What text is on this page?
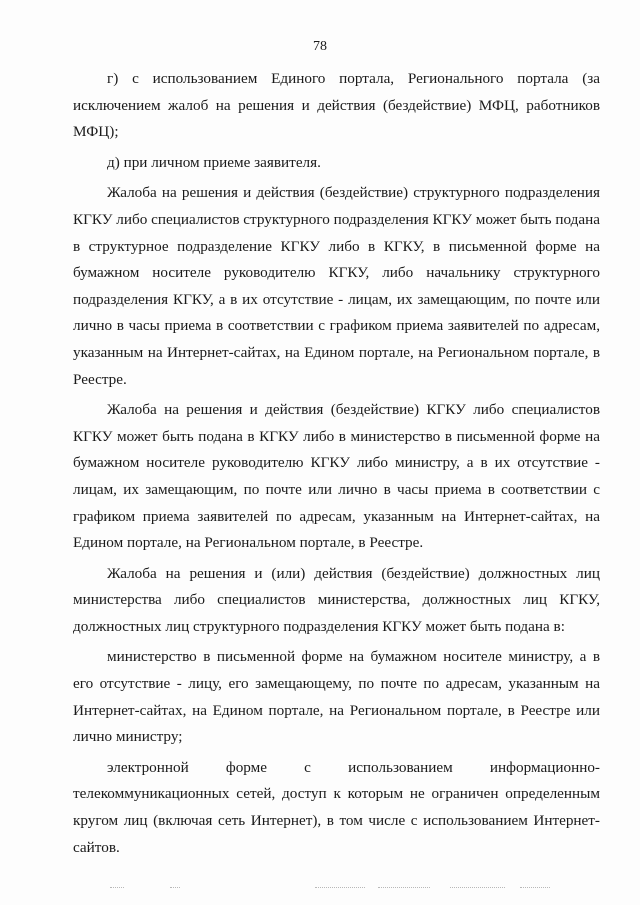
78

г) с использованием Единого портала, Регионального портала (за исключением жалоб на решения и действия (бездействие) МФЦ, работников МФЦ);

д) при личном приеме заявителя.

Жалоба на решения и действия (бездействие) структурного подразделения КГКУ либо специалистов структурного подразделения КГКУ может быть подана в структурное подразделение КГКУ либо в КГКУ, в письменной форме на бумажном носителе руководителю КГКУ, либо начальнику структурного подразделения КГКУ, а в их отсутствие - лицам, их замещающим, по почте или лично в часы приема в соответствии с графиком приема заявителей по адресам, указанным на Интернет-сайтах, на Едином портале, на Региональном портале, в Реестре.

Жалоба на решения и действия (бездействие) КГКУ либо специалистов КГКУ может быть подана в КГКУ либо в министерство в письменной форме на бумажном носителе руководителю КГКУ либо министру, а в их отсутствие - лицам, их замещающим, по почте или лично в часы приема в соответствии с графиком приема заявителей по адресам, указанным на Интернет-сайтах, на Едином портале, на Региональном портале, в Реестре.

Жалоба на решения и (или) действия (бездействие) должностных лиц министерства либо специалистов министерства, должностных лиц КГКУ, должностных лиц структурного подразделения КГКУ может быть подана в:

министерство в письменной форме на бумажном носителе министру, а в его отсутствие - лицу, его замещающему, по почте по адресам, указанным на Интернет-сайтах, на Едином портале, на Региональном портале, в Реестре или лично министру;

электронной форме с использованием информационно-телекоммуникационных сетей, доступ к которым не ограничен определенным кругом лиц (включая сеть Интернет), в том числе с использованием Интернет-сайтов.
